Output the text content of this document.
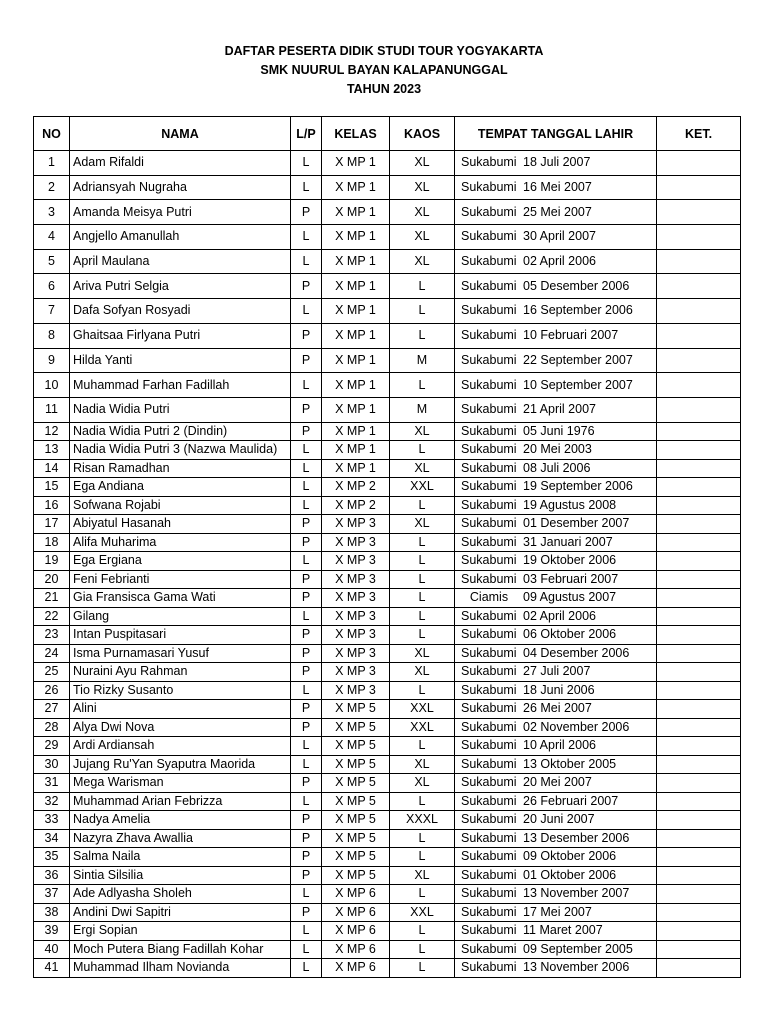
DAFTAR PESERTA DIDIK STUDI TOUR YOGYAKARTA
SMK NUURUL BAYAN KALAPANUNGGAL
TAHUN 2023
NO	NAMA	L/P	KELAS	KAOS	TEMPAT TANGGAL LAHIR	KET.
1	Adam Rifaldi	L	X MP 1	XL	Sukabumi 18 Juli 2007	
2	Adriansyah Nugraha	L	X MP 1	XL	Sukabumi 16 Mei 2007	
3	Amanda Meisya Putri	P	X MP 1	XL	Sukabumi 25 Mei 2007	
4	Angjello Amanullah	L	X MP 1	XL	Sukabumi 30 April 2007	
5	April Maulana	L	X MP 1	XL	Sukabumi 02 April 2006	
6	Ariva Putri Selgia	P	X MP 1	L	Sukabumi 05 Desember 2006	
7	Dafa Sofyan Rosyadi	L	X MP 1	L	Sukabumi 16 September 2006	
8	Ghaitsaa Firlyana Putri	P	X MP 1	L	Sukabumi 10 Februari 2007	
9	Hilda Yanti	P	X MP 1	M	Sukabumi 22 September 2007	
10	Muhammad Farhan Fadillah	L	X MP 1	L	Sukabumi 10 September 2007	
11	Nadia Widia Putri	P	X MP 1	M	Sukabumi 21 April 2007	
12	Nadia Widia Putri 2 (Dindin)	P	X MP 1	XL	Sukabumi 05 Juni 1976	
13	Nadia Widia Putri 3 (Nazwa Maulida)	L	X MP 1	L	Sukabumi 20 Mei 2003	
14	Risan Ramadhan	L	X MP 1	XL	Sukabumi 08 Juli 2006	
15	Ega Andiana	L	X MP 2	XXL	Sukabumi 19 September 2006	
16	Sofwana Rojabi	L	X MP 2	L	Sukabumi 19 Agustus 2008	
17	Abiyatul Hasanah	P	X MP 3	XL	Sukabumi 01 Desember 2007	
18	Alifa Muharima	P	X MP 3	L	Sukabumi 31 Januari 2007	
19	Ega Ergiana	L	X MP 3	L	Sukabumi 19 Oktober 2006	
20	Feni Febrianti	P	X MP 3	L	Sukabumi 03 Februari 2007	
21	Gia Fransisca Gama Wati	P	X MP 3	L	Ciamis 09 Agustus 2007	
22	Gilang	L	X MP 3	L	Sukabumi 02 April 2006	
23	Intan Puspitasari	P	X MP 3	L	Sukabumi 06 Oktober 2006	
24	Isma Purnamasari Yusuf	P	X MP 3	XL	Sukabumi 04 Desember 2006	
25	Nuraini Ayu Rahman	P	X MP 3	XL	Sukabumi 27 Juli 2007	
26	Tio Rizky Susanto	L	X MP 3	L	Sukabumi 18 Juni 2006	
27	Alini	P	X MP 5	XXL	Sukabumi 26 Mei 2007	
28	Alya Dwi Nova	P	X MP 5	XXL	Sukabumi 02 November 2006	
29	Ardi Ardiansah	L	X MP 5	L	Sukabumi 10 April 2006	
30	Jujang Ru'Yan Syaputra Maorida	L	X MP 5	XL	Sukabumi 13 Oktober 2005	
31	Mega Warisman	P	X MP 5	XL	Sukabumi 20 Mei 2007	
32	Muhammad Arian Febrizza	L	X MP 5	L	Sukabumi 26 Februari 2007	
33	Nadya Amelia	P	X MP 5	XXXL	Sukabumi 20 Juni 2007	
34	Nazyra Zhava Awallia	P	X MP 5	L	Sukabumi 13 Desember 2006	
35	Salma Naila	P	X MP 5	L	Sukabumi 09 Oktober 2006	
36	Sintia Silsilia	P	X MP 5	XL	Sukabumi 01 Oktober 2006	
37	Ade Adlyasha Sholeh	L	X MP 6	L	Sukabumi 13 November 2007	
38	Andini Dwi Sapitri	P	X MP 6	XXL	Sukabumi 17 Mei 2007	
39	Ergi Sopian	L	X MP 6	L	Sukabumi 11 Maret 2007	
40	Moch Putera Biang Fadillah Kohar	L	X MP 6	L	Sukabumi 09 September 2005	
41	Muhammad Ilham Novianda	L	X MP 6	L	Sukabumi 13 November 2006	
